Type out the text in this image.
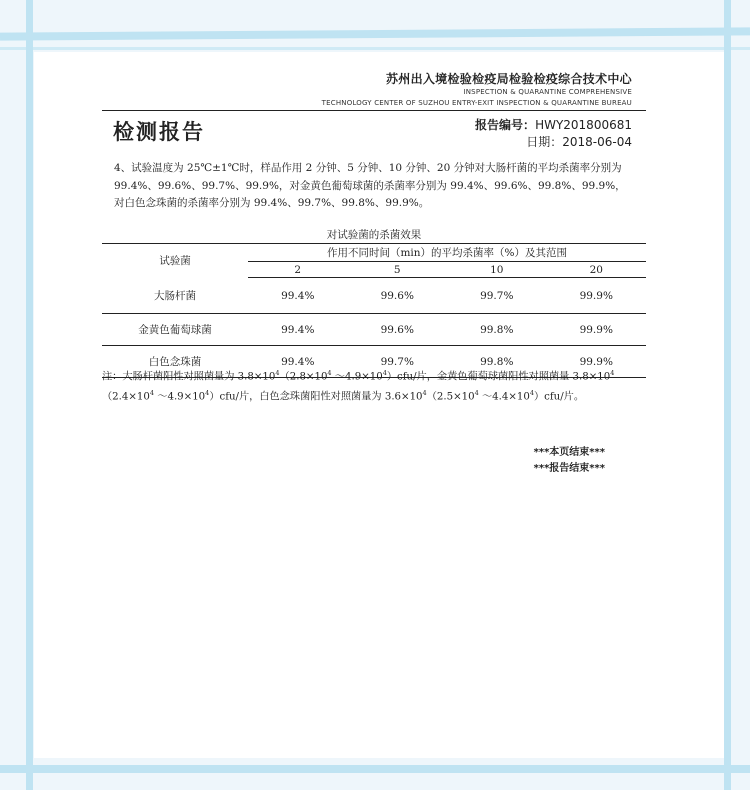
苏州出入境检验检疫局检验检疫综合技术中心
INSPECTION & QUARANTINE COMPREHENSIVE
TECHNOLOGY CENTER OF SUZHOU ENTRY-EXIT INSPECTION & QUARANTINE BUREAU
检测报告	报告编号：HWY201800681
日期：2018-06-04
4、试验温度为 25℃±1℃时，样品作用 2 分钟、5 分钟、10 分钟、20 分钟对大肠杆菌的平均杀菌率分别为 99.4%、99.6%、99.7%、99.9%，对金黄色葡萄球菌的杀菌率分别为 99.4%、99.6%、99.8%、99.9%，对白色念珠菌的杀菌率分别为 99.4%、99.7%、99.8%、99.9%。
对试验菌的杀菌效果
试验菌	作用不同时间（min）的平均杀菌率（%）及其范围			
	2	5	10	20
大肠杆菌	99.4%	99.6%	99.7%	99.9%
金黄色葡萄球菌	99.4%	99.6%	99.8%	99.9%
白色念珠菌	99.4%	99.7%	99.8%	99.9%
注：大肠杆菌阳性对照菌量为 $3.8\times 10^4(2.8\times 10^4$ $\sim 4.9\times 10^4)cfu/$片，金黄色葡萄球菌阳性对照菌量 $3.8\times 10^4(2.4\times 10^4$ $\sim 4.9\times 10^4)cfu/$片，白色念珠菌阳性对照菌量为 $3.6\times 10^4(2.5\times 10^4$ $\sim 4.4\times 10^4)cfu/$片。
***本页结束***
***报告结束***
